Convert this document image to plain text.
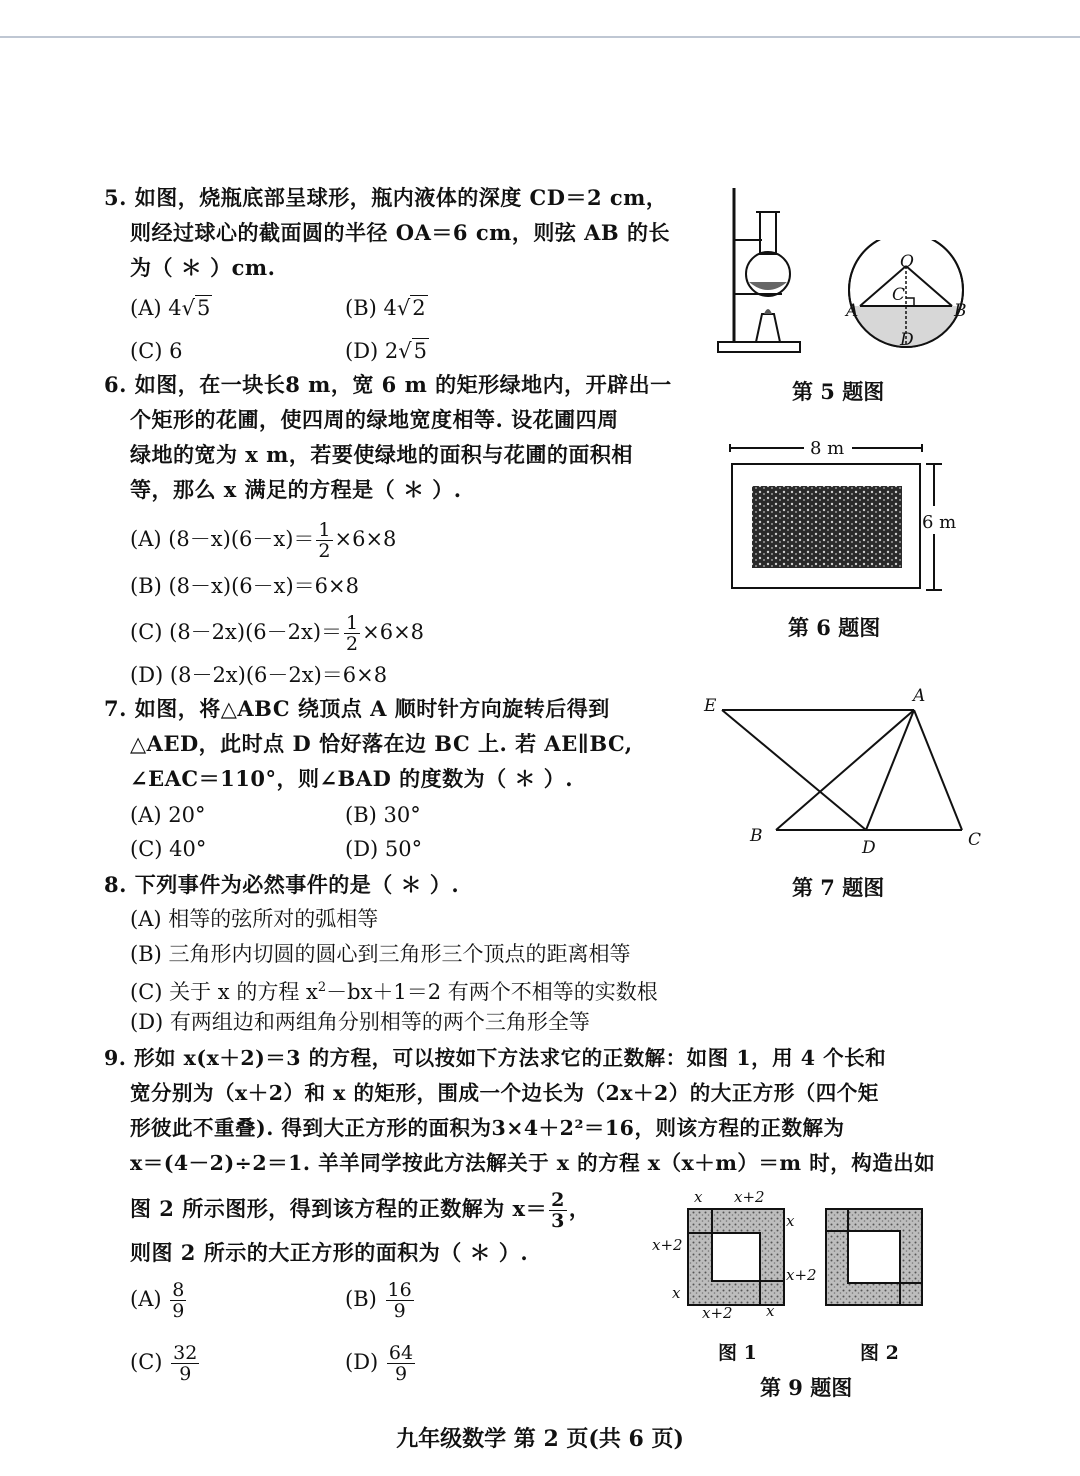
5. 如图，烧瓶底部呈球形，瓶内液体的深度 CD＝2 cm，
则经过球心的截面圆的半径 OA＝6 cm，则弦 AB 的长
为（ ＊ ）cm.
(A) 4√5	(B) 4√2
(C) 6	(D) 2√5
O
C
A	B
D
第 5 题图
6. 如图，在一块长8 m，宽 6 m 的矩形绿地内，开辟出一
个矩形的花圃，使四周的绿地宽度相等. 设花圃四周
绿地的宽为 x m，若要使绿地的面积与花圃的面积相
等，那么 x 满足的方程是（ ＊ ）.
(A) $(8-x)(6-x)= \frac{1}{2} \times 6\times 8$
(B) (8－x)(6－x)＝6×8
(C) $(8-2x)(6-2x)= \frac{1}{2} \times 6\times 8$
(D) (8－2x)(6－2x)＝6×8
8 m
6 m
第 6 题图
7. 如图，将△ABC 绕顶点 A 顺时针方向旋转后得到
△AED，此时点 D 恰好落在边 BC 上. 若 AE∥BC,
∠EAC＝110°，则∠BAD 的度数为（ ＊ ）.
(A) 20°	(B) 30°
(C) 40°	(D) 50°
E	A
B
D	C
第 7 题图
8. 下列事件为必然事件的是（ ＊ ）.
(A) 相等的弦所对的弧相等
(B) 三角形内切圆的圆心到三角形三个顶点的距离相等
(C) 关于 x 的方程 $x^2-bx+1=2$ 有两个不相等的实数根
(D) 有两组边和两组角分别相等的两个三角形全等
9. 形如 x(x＋2)＝3 的方程，可以按如下方法求它的正数解：如图 1，用 4 个长和
宽分别为（x＋2）和 x 的矩形，围成一个边长为（2x＋2）的大正方形（四个矩
形彼此不重叠). 得到大正方形的面积为3×4＋2²＝16，则该方程的正数解为
x＝(4－2)÷2＝1. 羊羊同学按此方法解关于 x 的方程 x（x＋m）＝m 时，构造出如
图 2 所示图形，得到该方程的正数解为 $x= \frac{2}{3}$ ，
则图 2 所示的大正方形的面积为（ ＊ ）.
$(A) \frac{8}{9}$	$(B) \frac{16}{9}$
$(C) \frac{32}{9}$	$(D) \frac{64}{9}$
x x+2
x
x+2
x+2
x
x+2 x
图 1	图 2
第 9 题图
九年级数学 第 2 页(共 6 页)
